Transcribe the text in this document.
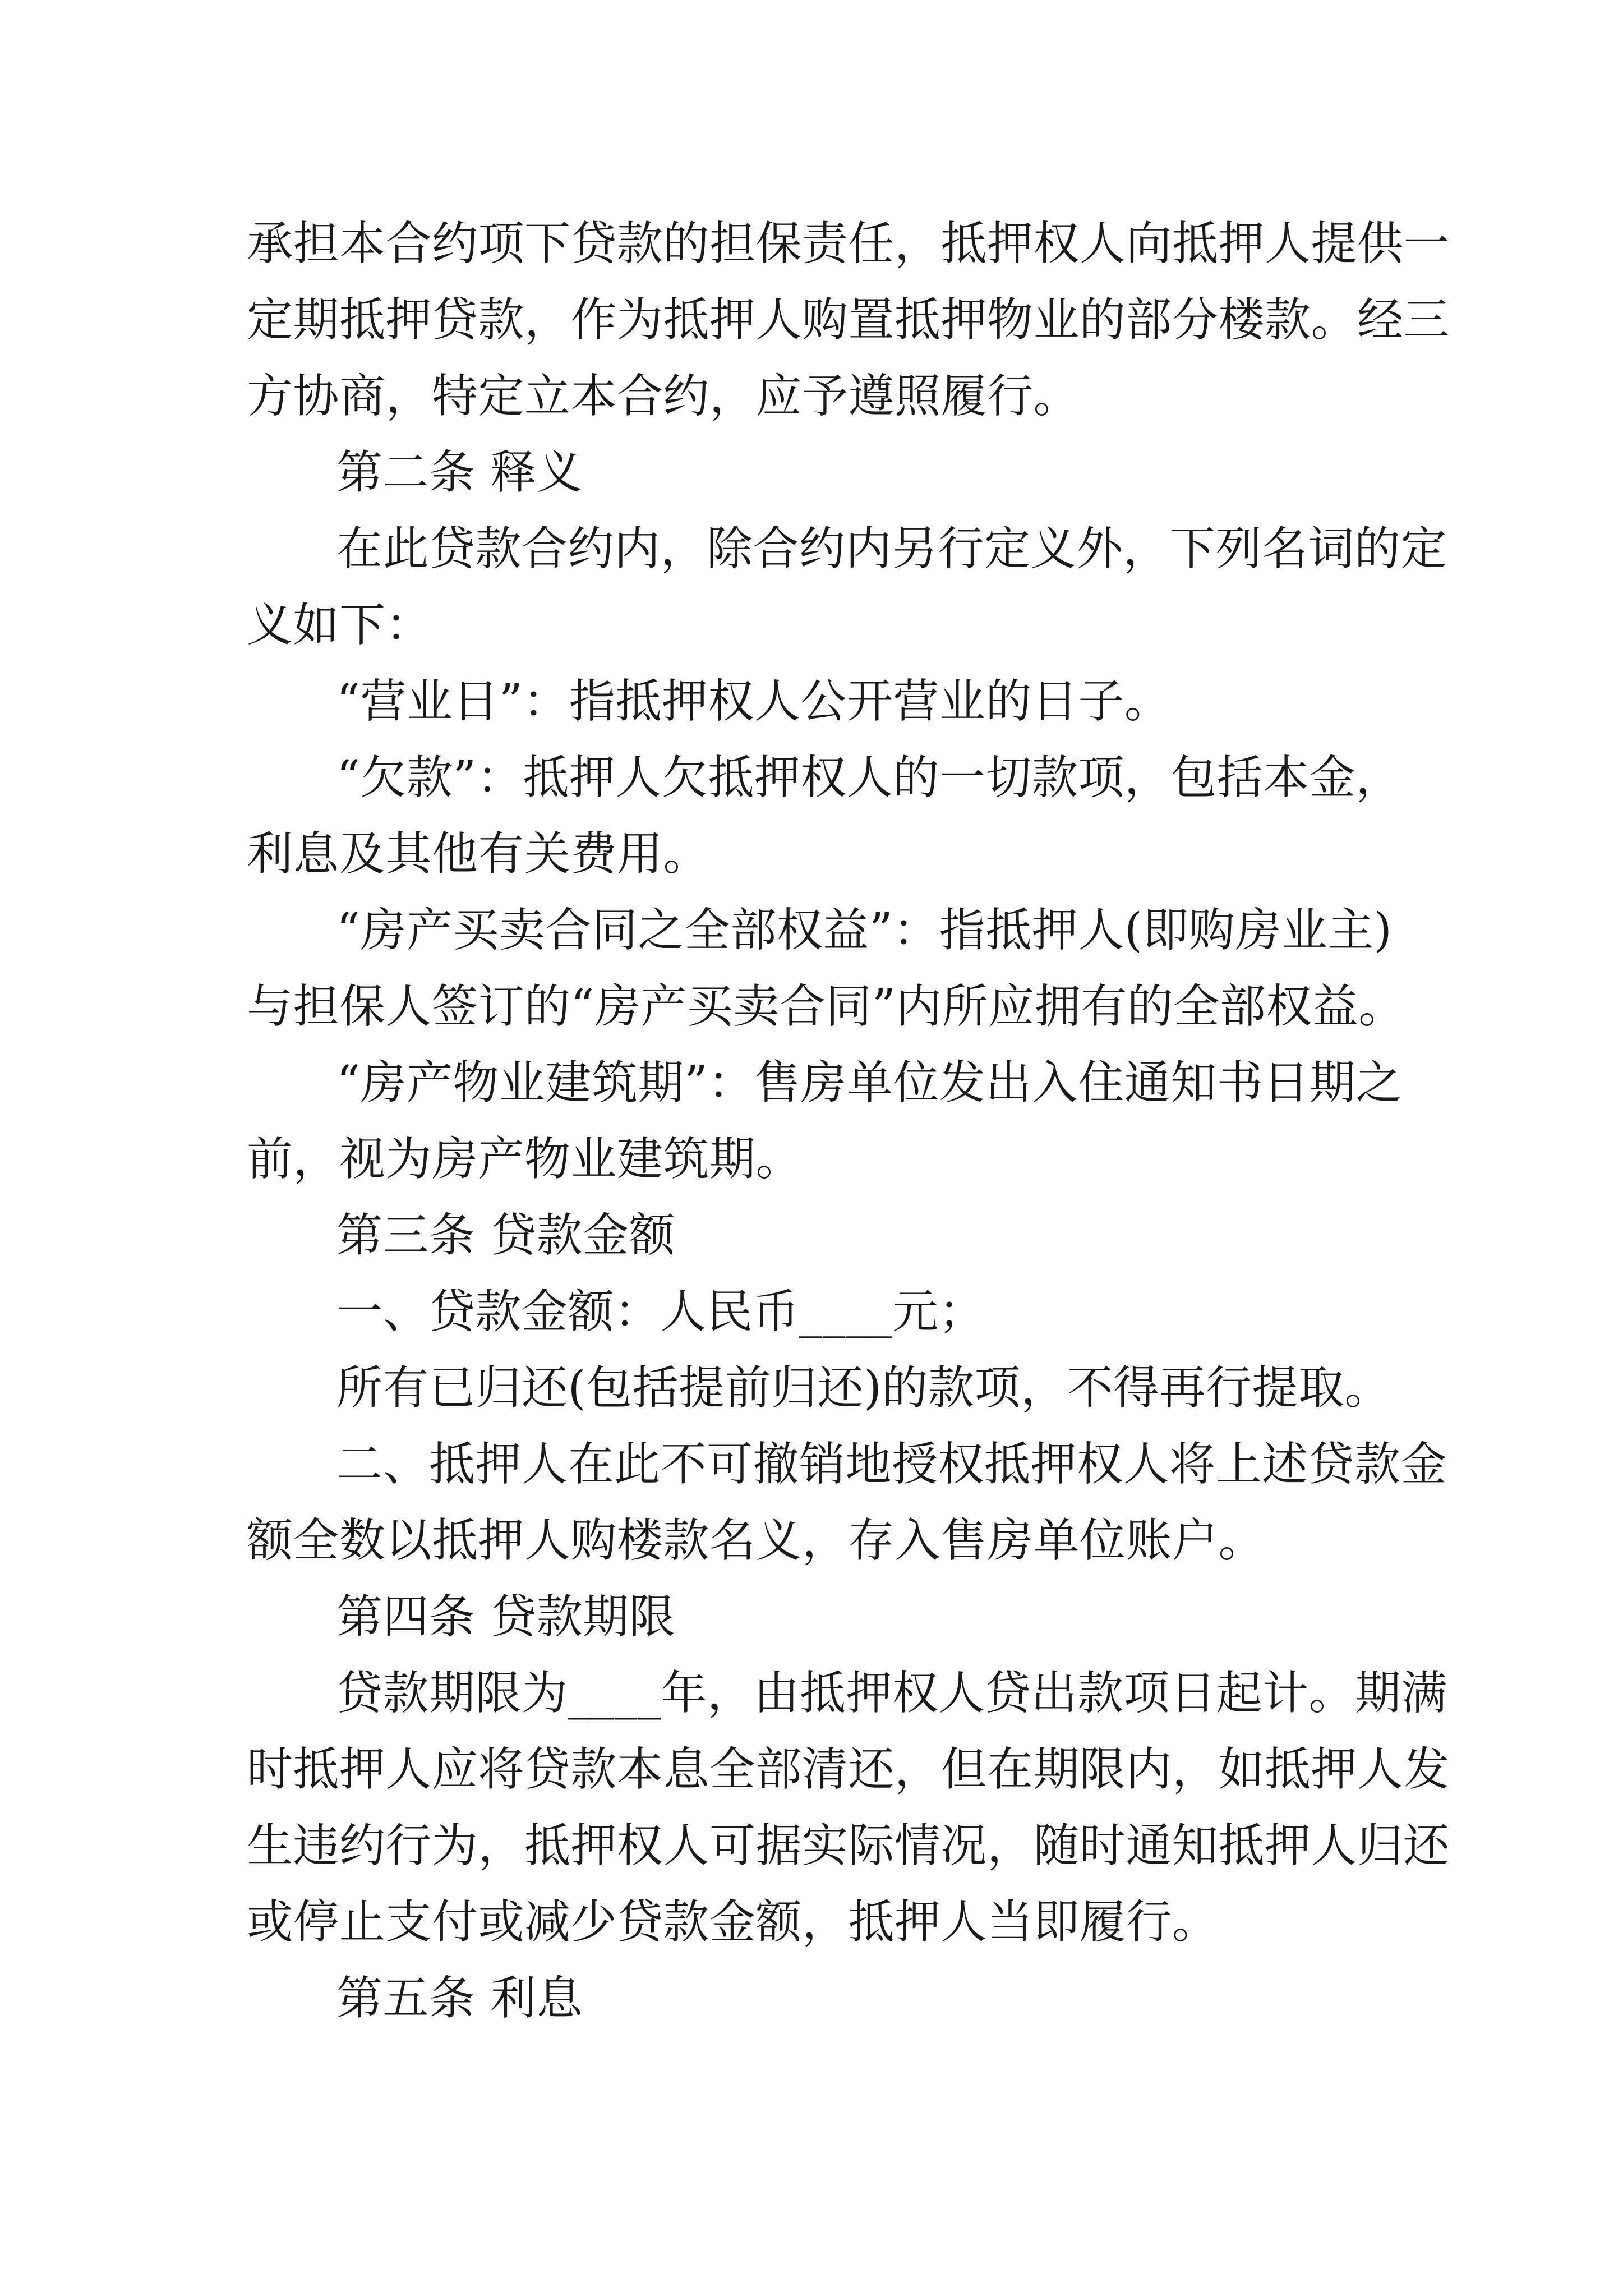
承担本合约项下贷款的担保责任，抵押权人向抵押人提供一
定期抵押贷款，作为抵押人购置抵押物业的部分楼款。经三
方协商，特定立本合约，应予遵照履行。
第二条 释义
在此贷款合约内，除合约内另行定义外，下列名词的定
义如下：
“营业日”：指抵押权人公开营业的日子。
“欠款”：抵押人欠抵押权人的一切款项，包括本金，
利息及其他有关费用。
“房产买卖合同之全部权益”：指抵押人(即购房业主)
与担保人签订的“房产买卖合同”内所应拥有的全部权益。
“房产物业建筑期”：售房单位发出入住通知书日期之
前，视为房产物业建筑期。
第三条 贷款金额
一、贷款金额：人民币____元；
所有已归还(包括提前归还)的款项，不得再行提取。
二、抵押人在此不可撤销地授权抵押权人将上述贷款金
额全数以抵押人购楼款名义，存入售房单位账户。
第四条 贷款期限
贷款期限为____年，由抵押权人贷出款项日起计。期满
时抵押人应将贷款本息全部清还，但在期限内，如抵押人发
生违约行为，抵押权人可据实际情况，随时通知抵押人归还
或停止支付或减少贷款金额，抵押人当即履行。
第五条 利息
